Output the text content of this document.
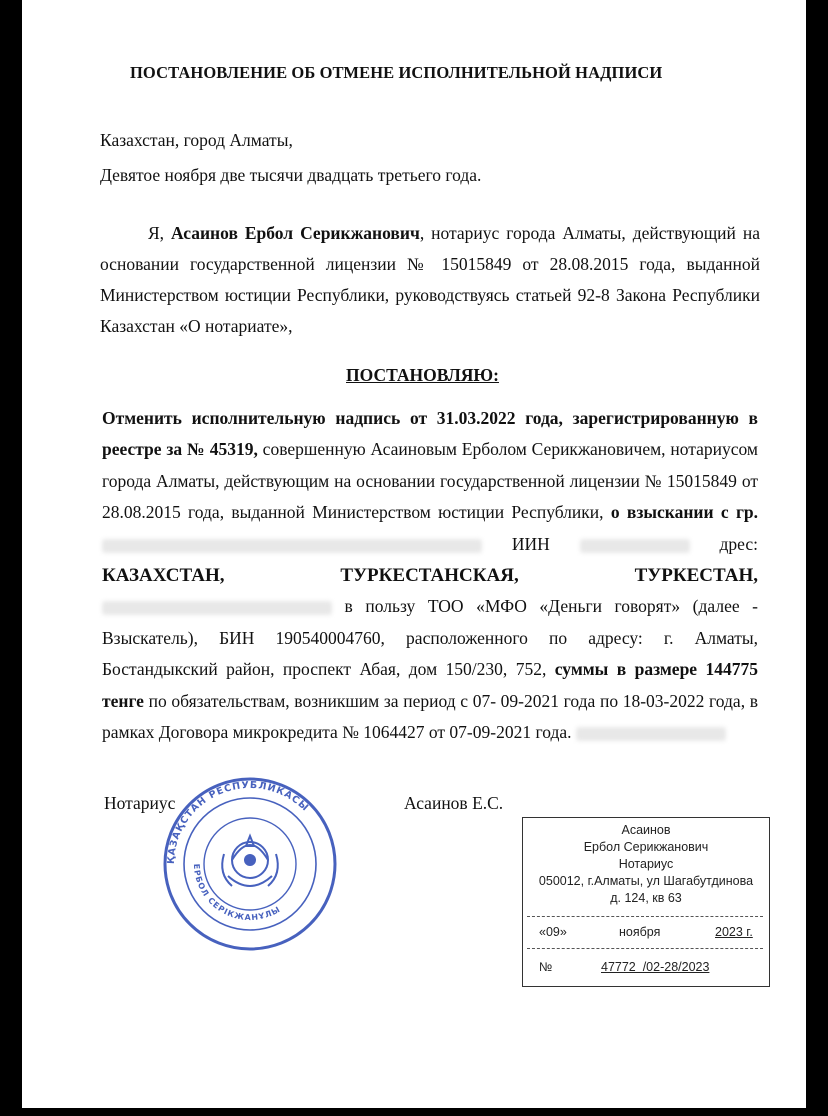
ПОСТАНОВЛЕНИЕ ОБ ОТМЕНЕ ИСПОЛНИТЕЛЬНОЙ НАДПИСИ
Казахстан, город Алматы,
Девятое ноября две тысячи двадцать третьего года.

Я, Асаинов Ербол Серикжанович, нотариус города Алматы, действующий на основании государственной лицензии № 15015849 от 28.08.2015 года, выданной Министерством юстиции Республики, руководствуясь статьей 92-8 Закона Республики Казахстан «О нотариате»,

ПОСТАНОВЛЯЮ:

Отменить исполнительную надпись от 31.03.2022 года, зарегистрированную в реестре за № 45319, совершенную Асаиновым Ерболом Серикжановичем, нотариусом города Алматы, действующим на основании государственной лицензии № 15015849 от 28.08.2015 года, выданной Министерством юстиции Республики, о взыскании с гр.  ИИН	дрес: КАЗАХСТАН, ТУРКЕСТАНСКАЯ, ТУРКЕСТАН,  в пользу ТОО «МФО «Деньги говорят» (далее - Взыскатель), БИН 190540004760, расположенного по адресу: г. Алматы, Бостандыкский район, проспект Абая, дом 150/230, 752, суммы в размере 144775 тенге по обязательствам, возникшим за период с 07- 09-2021 года по 18-03-2022 года, в рамках Договора микрокредита № 1064427 от 07-09-2021 года.

Нотариус	Асаинов Е.С.
ҚАЗАҚСТАН РЕСПУБЛИКАСЫ
ЕРБОЛ СЕРІКЖАНҰЛЫ
Асаинов
Ербол Серикжанович
Нотариус
050012, г.Алматы, ул Шагабутдинова
д. 124, кв 63
«09»	ноября	2023 г.
№	47772  /02-28/2023
